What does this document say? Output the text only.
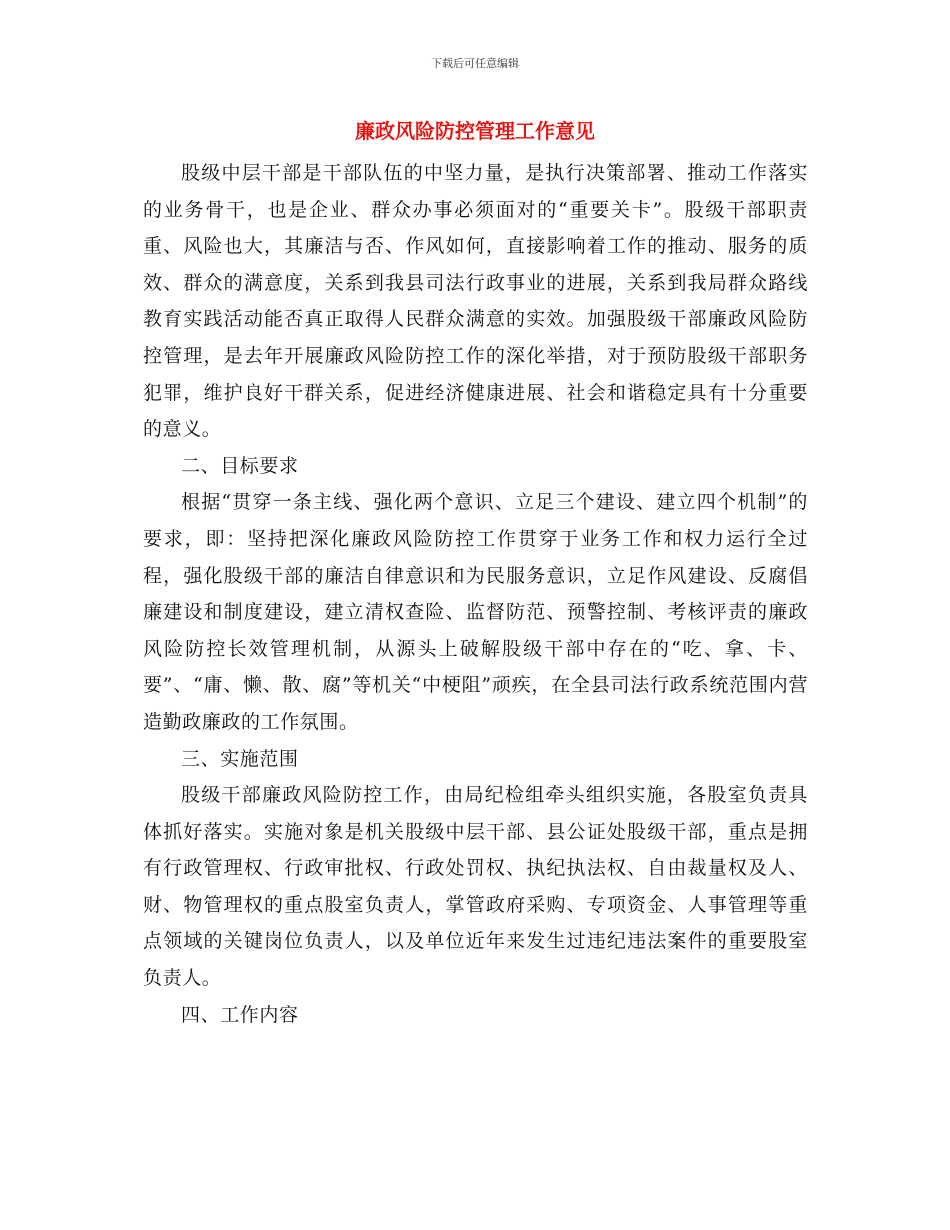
下载后可任意编辑
廉政风险防控管理工作意见

股级中层干部是干部队伍的中坚力量，是执行决策部署、推动工作落实的业务骨干，也是企业、群众办事必须面对的“重要关卡”。股级干部职责重、风险也大，其廉洁与否、作风如何，直接影响着工作的推动、服务的质效、群众的满意度，关系到我县司法行政事业的进展，关系到我局群众路线教育实践活动能否真正取得人民群众满意的实效。加强股级干部廉政风险防控管理，是去年开展廉政风险防控工作的深化举措，对于预防股级干部职务犯罪，维护良好干群关系，促进经济健康进展、社会和谐稳定具有十分重要的意义。

二、目标要求

根据“贯穿一条主线、强化两个意识、立足三个建设、建立四个机制”的要求，即：坚持把深化廉政风险防控工作贯穿于业务工作和权力运行全过程，强化股级干部的廉洁自律意识和为民服务意识，立足作风建设、反腐倡廉建设和制度建设，建立清权查险、监督防范、预警控制、考核评责的廉政风险防控长效管理机制，从源头上破解股级干部中存在的“吃、拿、卡、要”、“庸、懒、散、腐”等机关“中梗阻”顽疾，在全县司法行政系统范围内营造勤政廉政的工作氛围。

三、实施范围

股级干部廉政风险防控工作，由局纪检组牵头组织实施，各股室负责具体抓好落实。实施对象是机关股级中层干部、县公证处股级干部，重点是拥有行政管理权、行政审批权、行政处罚权、执纪执法权、自由裁量权及人、财、物管理权的重点股室负责人，掌管政府采购、专项资金、人事管理等重点领域的关键岗位负责人，以及单位近年来发生过违纪违法案件的重要股室负责人。

四、工作内容
